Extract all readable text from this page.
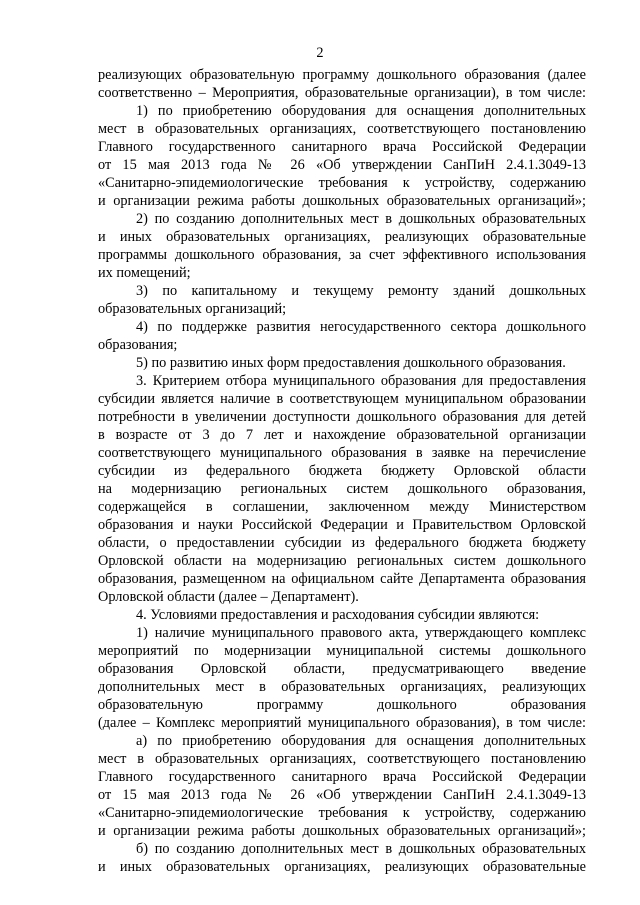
2
реализующих образовательную программу дошкольного образования (далее
соответственно – Мероприятия, образовательные организации), в том числе:
1) по приобретению оборудования для оснащения дополнительных
мест в образовательных организациях, соответствующего постановлению
Главного государственного санитарного врача Российской Федерации
от 15 мая 2013 года № 26 «Об утверждении СанПиН 2.4.1.3049-13
«Санитарно-эпидемиологические требования к устройству, содержанию
и организации режима работы дошкольных образовательных организаций»;
2) по созданию дополнительных мест в дошкольных образовательных
и иных образовательных организациях, реализующих образовательные
программы дошкольного образования, за счет эффективного использования
их помещений;
3) по капитальному и текущему ремонту зданий дошкольных
образовательных организаций;
4) по поддержке развития негосударственного сектора дошкольного
образования;
5) по развитию иных форм предоставления дошкольного образования.
3. Критерием отбора муниципального образования для предоставления
субсидии является наличие в соответствующем муниципальном образовании
потребности в увеличении доступности дошкольного образования для детей
в возрасте от 3 до 7 лет и нахождение образовательной организации
соответствующего муниципального образования в заявке на перечисление
субсидии из федерального бюджета бюджету Орловской области
на модернизацию региональных систем дошкольного образования,
содержащейся в соглашении, заключенном между Министерством
образования и науки Российской Федерации и Правительством Орловской
области, о предоставлении субсидии из федерального бюджета бюджету
Орловской области на модернизацию региональных систем дошкольного
образования, размещенном на официальном сайте Департамента образования
Орловской области (далее – Департамент).
4. Условиями предоставления и расходования субсидии являются:
1) наличие муниципального правового акта, утверждающего комплекс
мероприятий по модернизации муниципальной системы дошкольного
образования Орловской области, предусматривающего введение
дополнительных мест в образовательных организациях, реализующих
образовательную программу дошкольного образования
(далее – Комплекс мероприятий муниципального образования), в том числе:
а) по приобретению оборудования для оснащения дополнительных
мест в образовательных организациях, соответствующего постановлению
Главного государственного санитарного врача Российской Федерации
от 15 мая 2013 года № 26 «Об утверждении СанПиН 2.4.1.3049-13
«Санитарно-эпидемиологические требования к устройству, содержанию
и организации режима работы дошкольных образовательных организаций»;
б) по созданию дополнительных мест в дошкольных образовательных
и иных образовательных организациях, реализующих образовательные
